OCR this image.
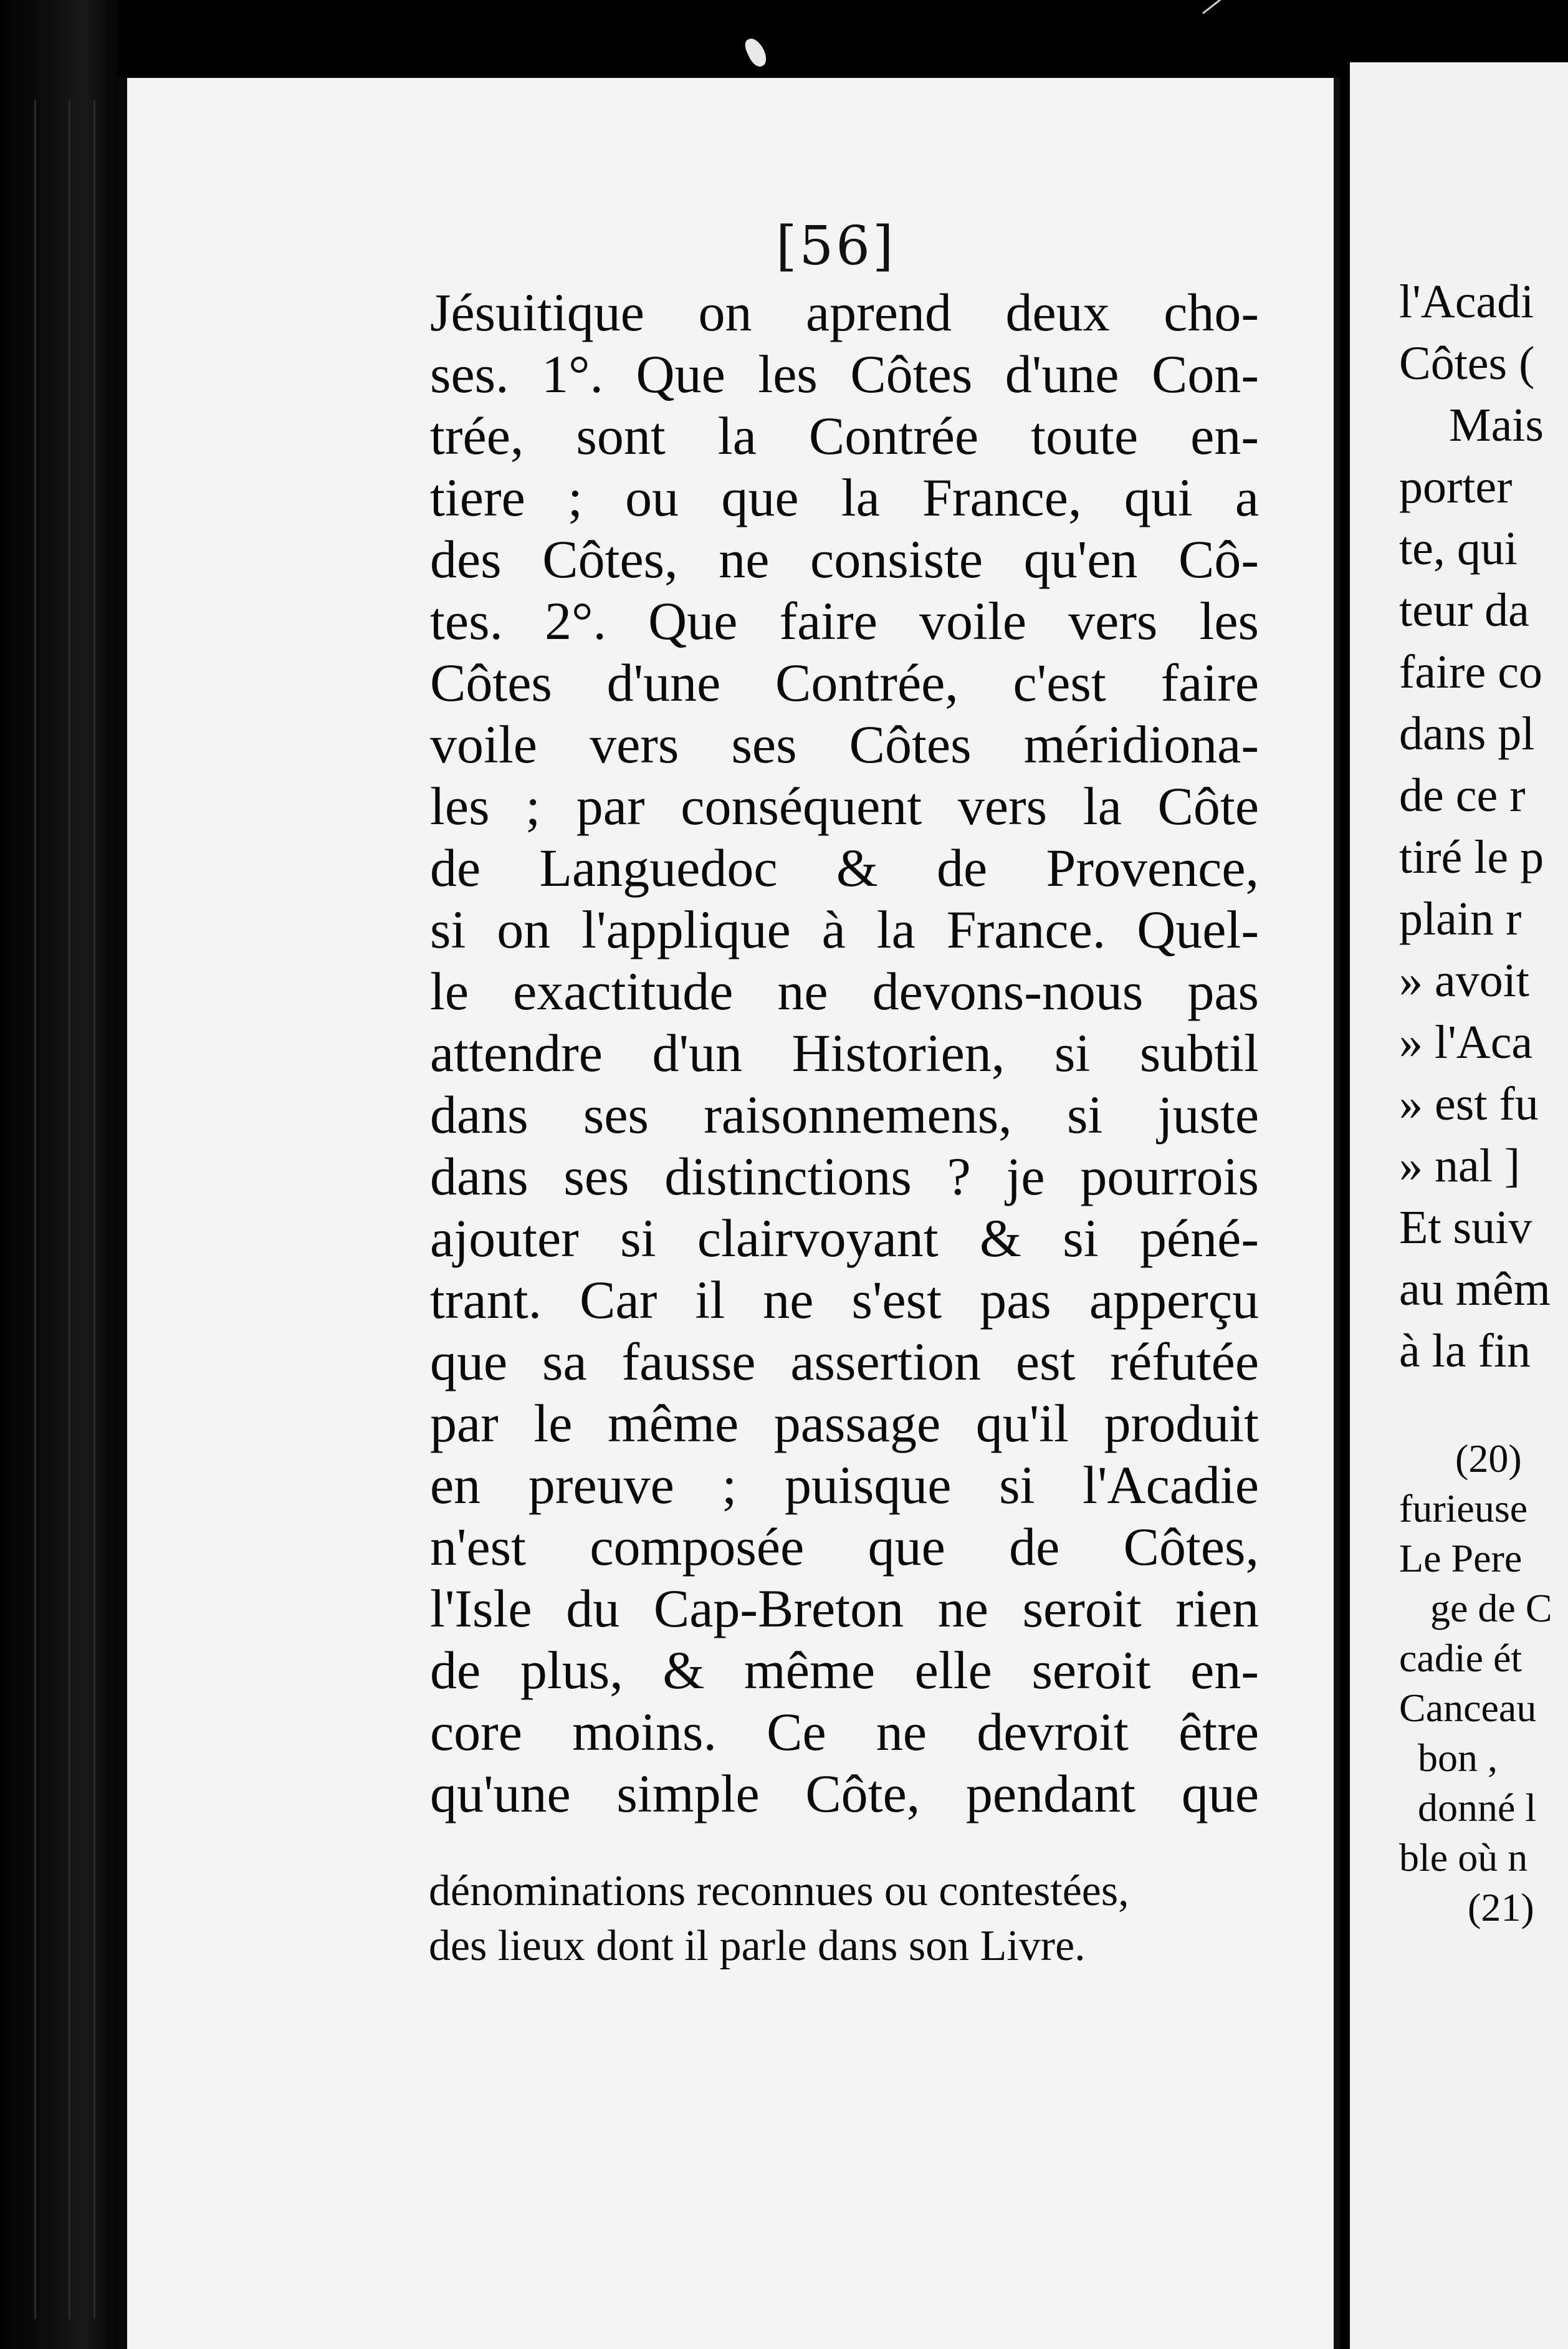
[56]
Jésuitique on aprend deux cho-
ses. 1°. Que les Côtes d'une Con-
trée, sont la Contrée toute en-
tiere ; ou que la France, qui a
des Côtes, ne consiste qu'en Cô-
tes. 2°. Que faire voile vers les
Côtes d'une Contrée, c'est faire
voile vers ses Côtes méridiona-
les ; par conséquent vers la Côte
de Languedoc & de Provence,
si on l'applique à la France. Quel-
le exactitude ne devons-nous pas
attendre d'un Historien, si subtil
dans ses raisonnemens, si juste
dans ses distinctions ? je pourrois
ajouter si clairvoyant & si péné-
trant. Car il ne s'est pas apperçu
que sa fausse assertion est réfutée
par le même passage qu'il produit
en preuve ; puisque si l'Acadie
n'est composée que de Côtes,
l'Isle du Cap-Breton ne seroit rien
de plus, & même elle seroit en-
core moins. Ce ne devroit être
qu'une simple Côte, pendant que
dénominations reconnues ou contestées,
des lieux dont il parle dans son Livre.
l'Acadi
Côtes (
Mais
porter
te, qui
teur da
faire co
dans pl
de ce r
tiré le p
plain r
» avoit
» l'Aca
» est fu
» nal ]
Et suiv
au mêm
à la fin
(20)
furieuse
Le Pere
ge de C
cadie ét
Canceau
bon ,
donné l
ble où n
(21)
